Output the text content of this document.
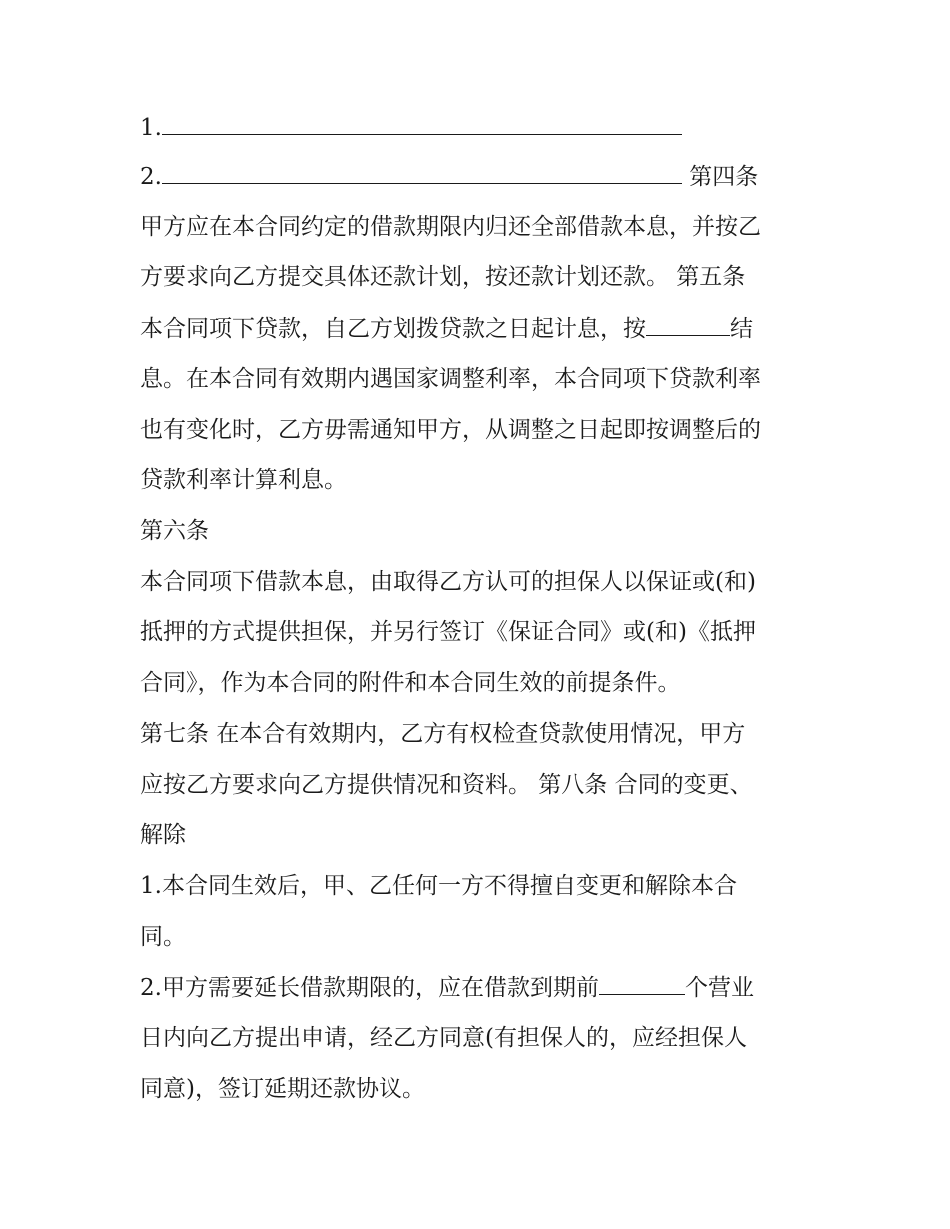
1.
2.	第四条
甲方应在本合同约定的借款期限内归还全部借款本息，并按乙
方要求向乙方提交具体还款计划，按还款计划还款。 第五条
本合同项下贷款，自乙方划拨贷款之日起计息，按	结
息。在本合同有效期内遇国家调整利率，本合同项下贷款利率
也有变化时，乙方毋需通知甲方，从调整之日起即按调整后的
贷款利率计算利息。
第六条
本合同项下借款本息，由取得乙方认可的担保人以保证或(和)
抵押的方式提供担保，并另行签订《保证合同》或(和)《抵押
合同》，作为本合同的附件和本合同生效的前提条件。
第七条 在本合有效期内，乙方有权检查贷款使用情况，甲方
应按乙方要求向乙方提供情况和资料。 第八条 合同的变更、
解除
1.本合同生效后，甲、乙任何一方不得擅自变更和解除本合
同。
2.甲方需要延长借款期限的，应在借款到期前	个营业
日内向乙方提出申请，经乙方同意(有担保人的，应经担保人
同意)，签订延期还款协议。
